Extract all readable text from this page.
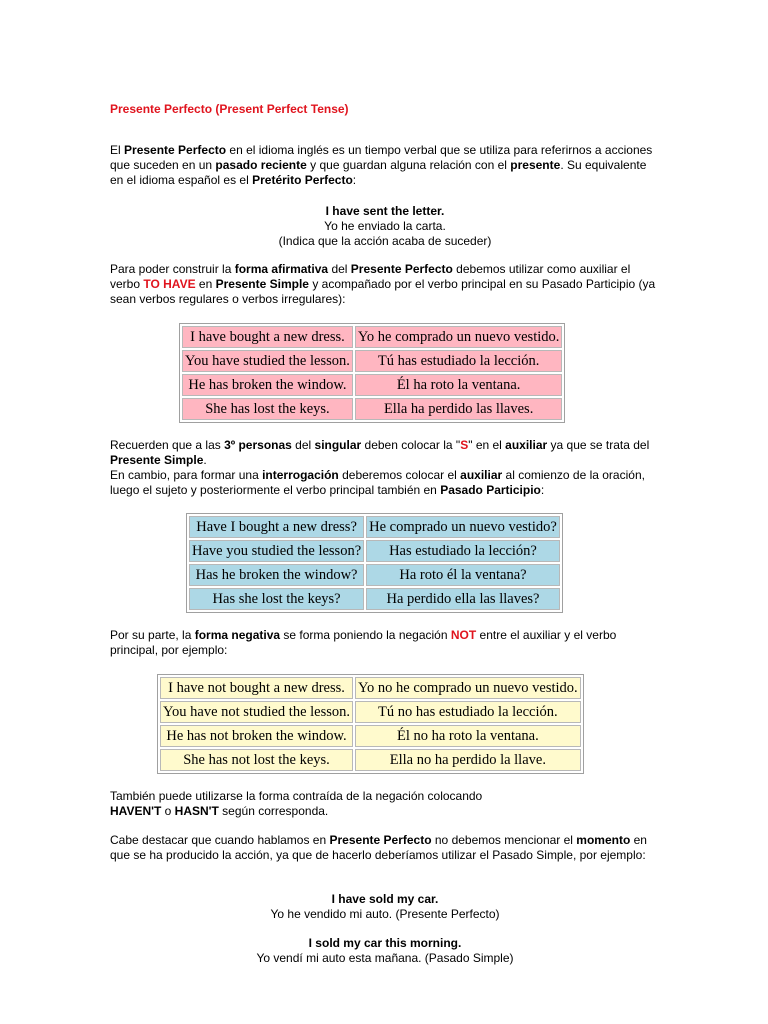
Presente Perfecto (Present Perfect Tense)
El Presente Perfecto en el idioma inglés es un tiempo verbal que se utiliza para referirnos a acciones que suceden en un pasado reciente y que guardan alguna relación con el presente. Su equivalente en el idioma español es el Pretérito Perfecto:
I have sent the letter.
Yo he enviado la carta.
(Indica que la acción acaba de suceder)
Para poder construir la forma afirmativa del Presente Perfecto debemos utilizar como auxiliar el verbo TO HAVE en Presente Simple y acompañado por el verbo principal en su Pasado Participio (ya sean verbos regulares o verbos irregulares):
I have bought a new dress.	Yo he comprado un nuevo vestido.
You have studied the lesson.	Tú has estudiado la lección.
He has broken the window.	Él ha roto la ventana.
She has lost the keys.	Ella ha perdido las llaves.
Recuerden que a las 3º personas del singular deben colocar la "S" en el auxiliar ya que se trata del Presente Simple.
En cambio, para formar una interrogación deberemos colocar el auxiliar al comienzo de la oración, luego el sujeto y posteriormente el verbo principal también en Pasado Participio:
Have I bought a new dress?	He comprado un nuevo vestido?
Have you studied the lesson?	Has estudiado la lección?
Has he broken the window?	Ha roto él la ventana?
Has she lost the keys?	Ha perdido ella las llaves?
Por su parte, la forma negativa se forma poniendo la negación NOT entre el auxiliar y el verbo principal, por ejemplo:
I have not bought a new dress.	Yo no he comprado un nuevo vestido.
You have not studied the lesson.	Tú no has estudiado la lección.
He has not broken the window.	Él no ha roto la ventana.
She has not lost the keys.	Ella no ha perdido la llave.
También puede utilizarse la forma contraída de la negación colocando HAVEN'T o HASN'T según corresponda.
Cabe destacar que cuando hablamos en Presente Perfecto no debemos mencionar el momento en que se ha producido la acción, ya que de hacerlo deberíamos utilizar el Pasado Simple, por ejemplo:
I have sold my car.
Yo he vendido mi auto. (Presente Perfecto)
I sold my car this morning.
Yo vendí mi auto esta mañana. (Pasado Simple)
